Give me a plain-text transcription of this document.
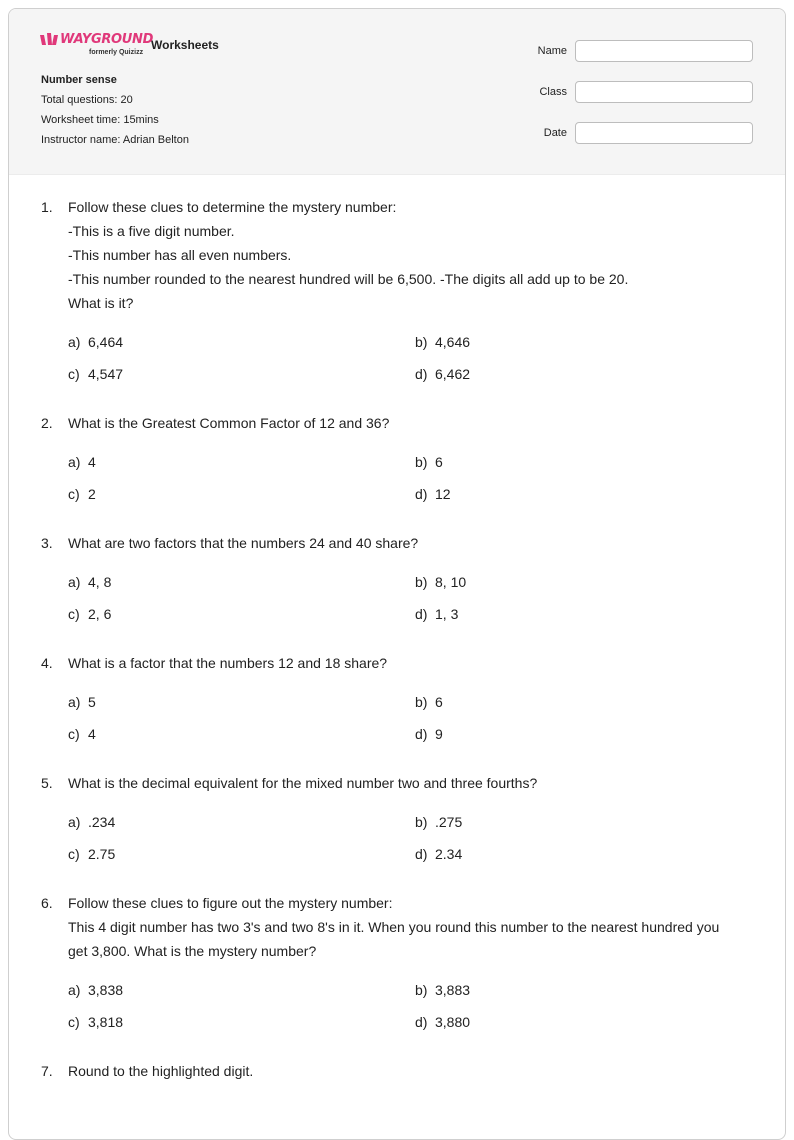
WAYGROUND
formerly Quizizz
Worksheets
Number sense
Total questions: 20
Worksheet time: 15mins
Instructor name: Adrian Belton
Name
Class
Date
1. Follow these clues to determine the mystery number:

-This is a five digit number.

-This number has all even numbers.

-This number rounded to the nearest hundred will be 6,500. -The digits all add up to be 20.

What is it?

a) 6,464	b) 4,646
c) 4,547	d) 6,462
2. What is the Greatest Common Factor of 12 and 36?

a) 4	b) 6
c) 2	d) 12
3. What are two factors that the numbers 24 and 40 share?

a) 4, 8	b) 8, 10
c) 2, 6	d) 1, 3
4. What is a factor that the numbers 12 and 18 share?

a) 5	b) 6
c) 4	d) 9
5. What is the decimal equivalent for the mixed number two and three fourths?

a) .234	b) .275
c) 2.75	d) 2.34
6. Follow these clues to figure out the mystery number:

This 4 digit number has two 3's and two 8's in it. When you round this number to the nearest hundred you get 3,800. What is the mystery number?

a) 3,838	b) 3,883
c) 3,818	d) 3,880
7. Round to the highlighted digit.
